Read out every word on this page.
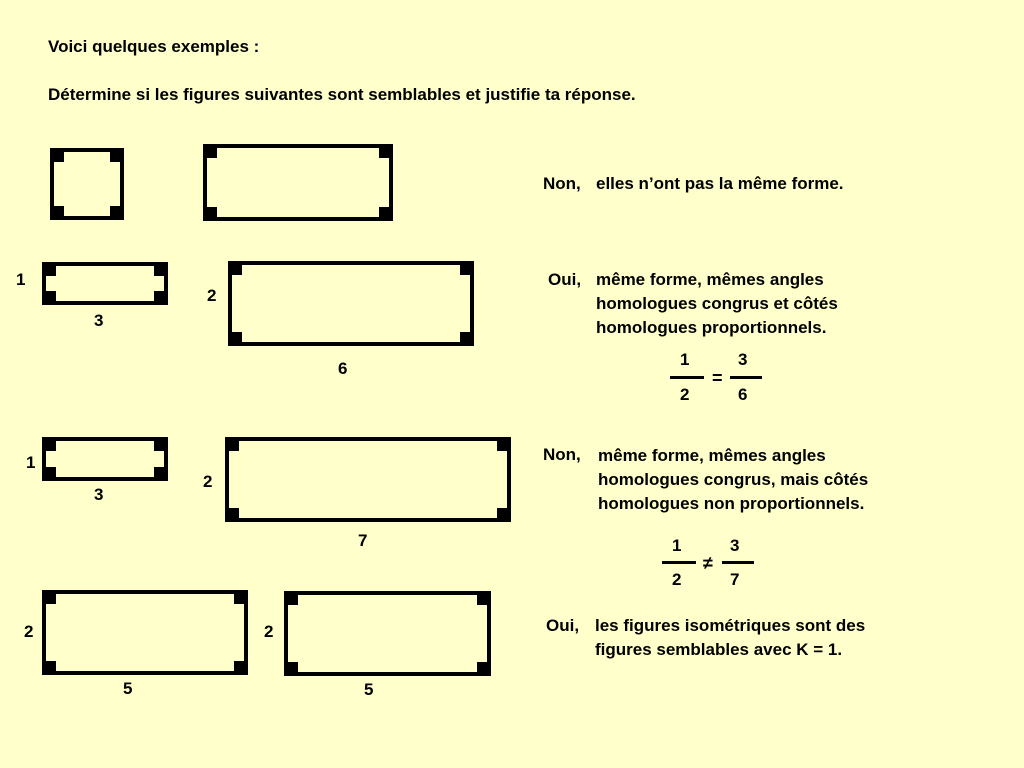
Voici quelques exemples :
Détermine si les figures suivantes sont semblables et justifie ta réponse.
Non, elles n’ont pas la même forme.
1
3
2
6
Oui, même forme, mêmes angles
homologues congrus et côtés
homologues proportionnels.
1
2
=
3
6
1
3
2
7
Non, même forme, mêmes angles
homologues congrus, mais côtés
homologues non proportionnels.
1
2
≠
3
7
2
5
2
5
Oui, les figures isométriques sont des
figures semblables avec K = 1.
